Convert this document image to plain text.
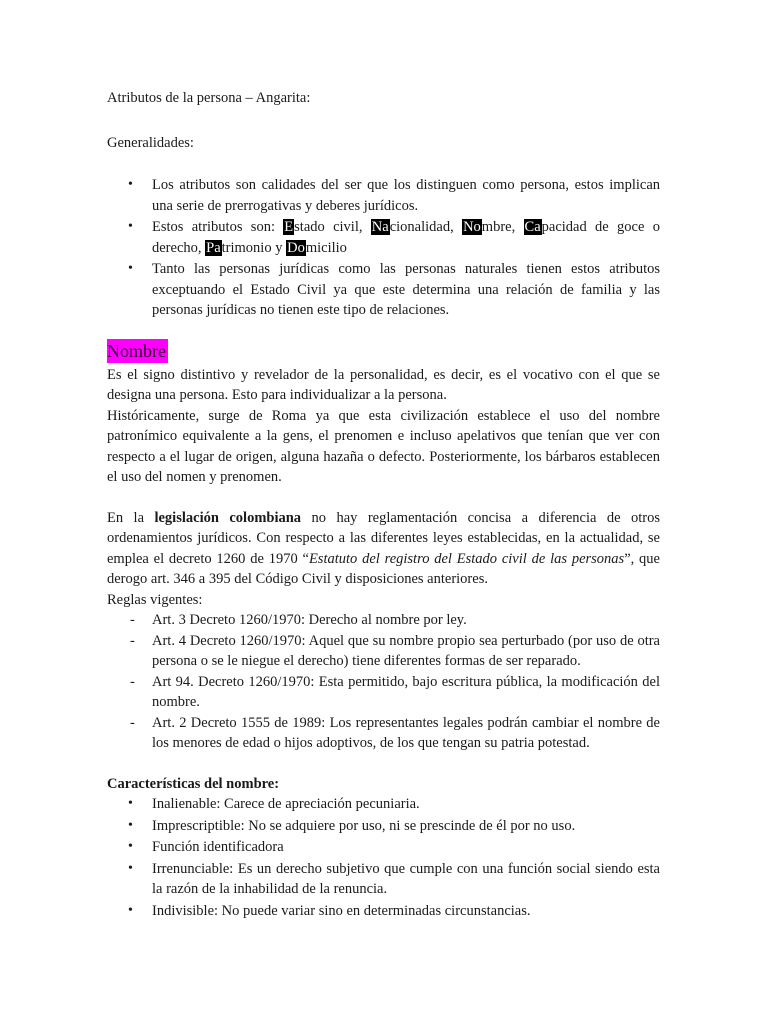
Atributos de la persona – Angarita:

Generalidades:

• Los atributos son calidades del ser que los distinguen como persona, estos implican una serie de prerrogativas y deberes jurídicos.
• Estos atributos son: Estado civil, Nacionalidad, Nombre, Capacidad de goce o derecho, Patrimonio y Domicilio
• Tanto las personas jurídicas como las personas naturales tienen estos atributos exceptuando el Estado Civil ya que este determina una relación de familia y las personas jurídicas no tienen este tipo de relaciones.
Nombre

Es el signo distintivo y revelador de la personalidad, es decir, es el vocativo con el que se designa una persona. Esto para individualizar a la persona.

Históricamente, surge de Roma ya que esta civilización establece el uso del nombre patronímico equivalente a la gens, el prenomen e incluso apelativos que tenían que ver con respecto a el lugar de origen, alguna hazaña o defecto. Posteriormente, los bárbaros establecen el uso del nomen y prenomen.

En la legislación colombiana no hay reglamentación concisa a diferencia de otros ordenamientos jurídicos. Con respecto a las diferentes leyes establecidas, en la actualidad, se emplea el decreto 1260 de 1970 “Estatuto del registro del Estado civil de las personas”, que derogo art. 346 a 395 del Código Civil y disposiciones anteriores.

Reglas vigentes:

- Art. 3 Decreto 1260/1970: Derecho al nombre por ley.
- Art. 4 Decreto 1260/1970: Aquel que su nombre propio sea perturbado (por uso de otra persona o se le niegue el derecho) tiene diferentes formas de ser reparado.
- Art 94. Decreto 1260/1970: Esta permitido, bajo escritura pública, la modificación del nombre.
- Art. 2 Decreto 1555 de 1989: Los representantes legales podrán cambiar el nombre de los menores de edad o hijos adoptivos, de los que tengan su patria potestad.

Características del nombre:

• Inalienable: Carece de apreciación pecuniaria.
• Imprescriptible: No se adquiere por uso, ni se prescinde de él por no uso.
• Función identificadora
• Irrenunciable: Es un derecho subjetivo que cumple con una función social siendo esta la razón de la inhabilidad de la renuncia.
• Indivisible: No puede variar sino en determinadas circunstancias.
